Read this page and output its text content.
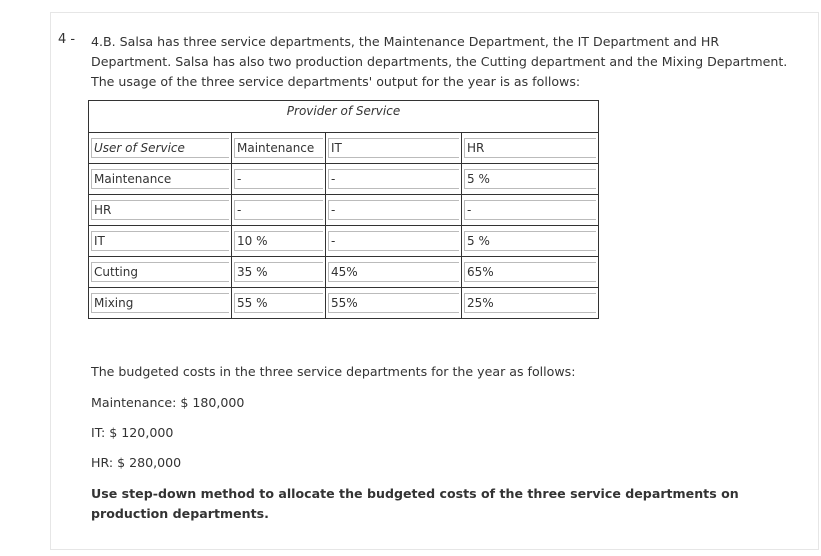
4 - 4.B. Salsa has three service departments, the Maintenance Department, the IT Department and HR Department. Salsa has also two production departments, the Cutting department and the Mixing Department. The usage of the three service departments' output for the year is as follows:
Provider of Service			

User of Service	Maintenance	IT	HR

Maintenance	-	-	5 %

HR	-	-	-

IT	10 %	-	5 %

Cutting	35 %	45%	65%

Mixing	55 %	55%	25%
The budgeted costs in the three service departments for the year as follows:
Maintenance: $ 180,000
IT: $ 120,000
HR: $ 280,000
Use step-down method to allocate the budgeted costs of the three service departments on production departments.
